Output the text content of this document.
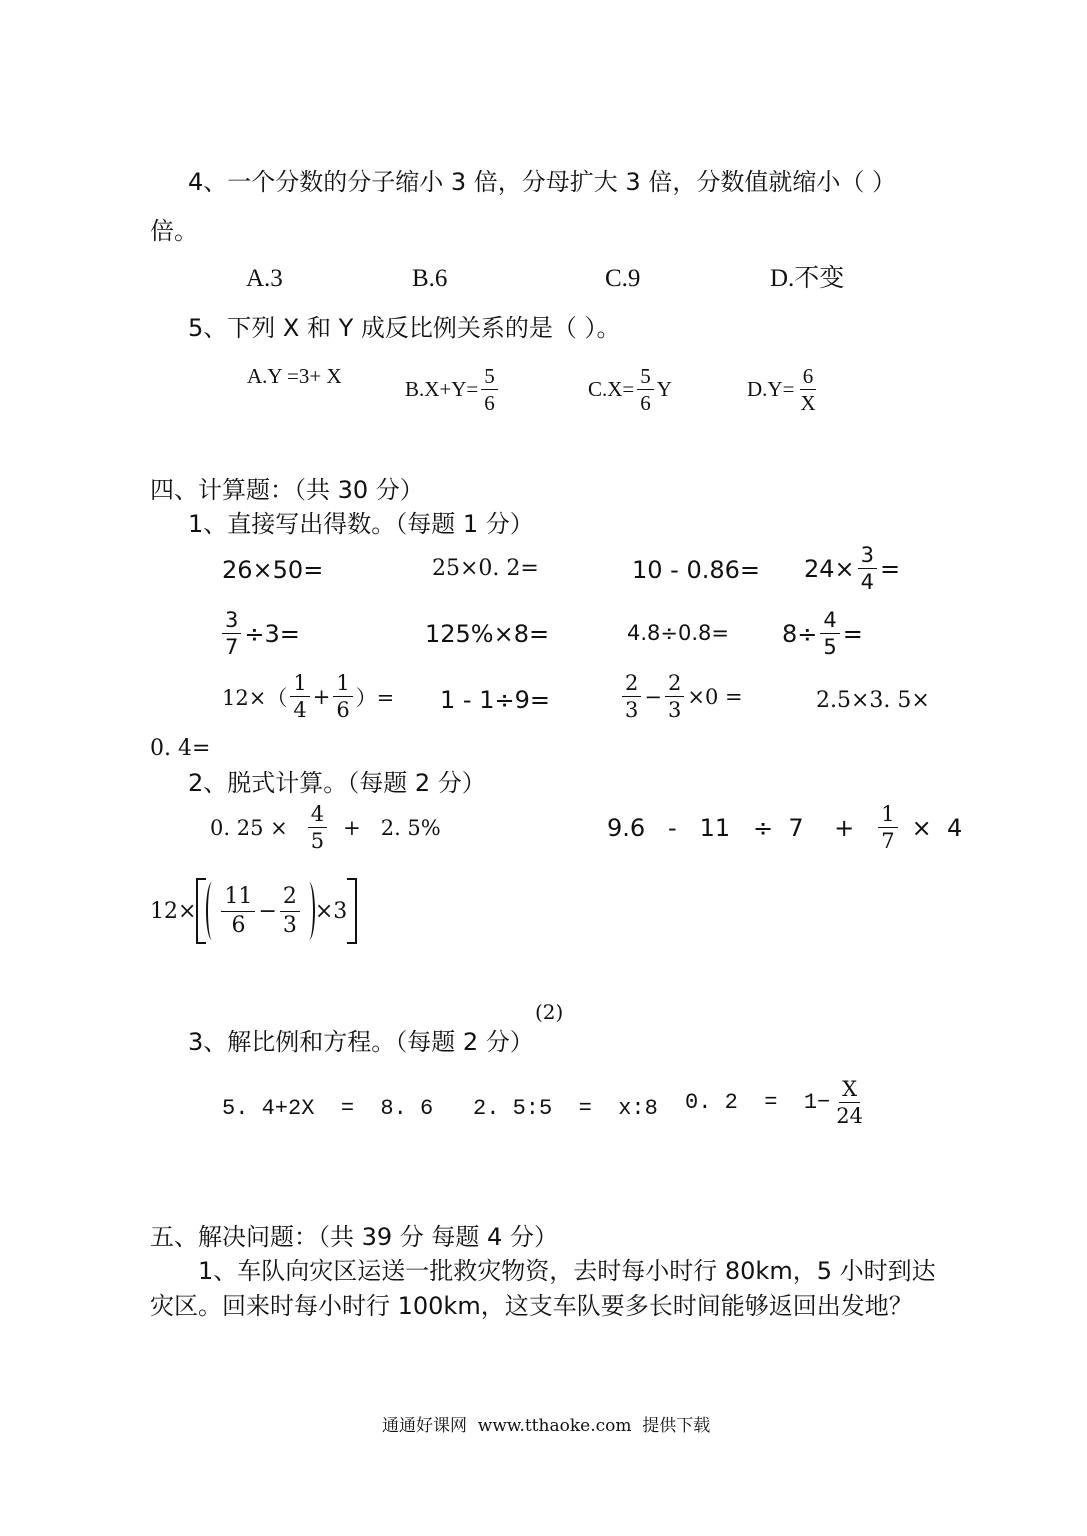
4、一个分数的分子缩小 3 倍，分母扩大 3 倍，分数值就缩小（ ）
倍。
A.3	B.6	C.9	D.不变
5、下列 X 和 Y 成反比例关系的是（ ）。
A.Y =3+ X
$B.X+Y= \frac{5}{6}$	$C.X= \frac{5}{6}$ Y	$D.Y= \frac{6}{X}$
四、计算题：（共 30 分）
1、直接写出得数。（每题 1 分）
26×50=	25×0. 2=	$10 - 0.86= 24\times \frac{3}{4}$ =
$\frac{3}{7} \div 3=$	125%×8=	$4.8\div 0.8= 8\div \frac{4}{5}$ =
$12\times( \frac{1}{4} + \frac{1}{6}$ ）= 1 - 1÷9=	$\frac{2}{3} - \frac{2}{3} \times 0$ =	2.5×3. 5×
0. 4=
2、脱式计算。（每题 2 分）
0. $25 \times \frac{4}{5} + 2$. 5%	9.6   -   11   ÷  7    + $\frac{1}{7} \times 4$
$12\times \frac{11}{6} - \frac{2}{3} \times 3$
(2)
3、解比例和方程。（每题 2 分）
5. 4+2X  =  8. 6 2. 5:5  =  x:8 0. $2 = 1- \frac{X}{24}$
五、解决问题：（共 39 分 每题 4 分）
1、车队向灾区运送一批救灾物资，去时每小时行 80km，5 小时到达
灾区。回来时每小时行 100km，这支车队要多长时间能够返回出发地？
通通好课网  www.tthaoke.com  提供下载
